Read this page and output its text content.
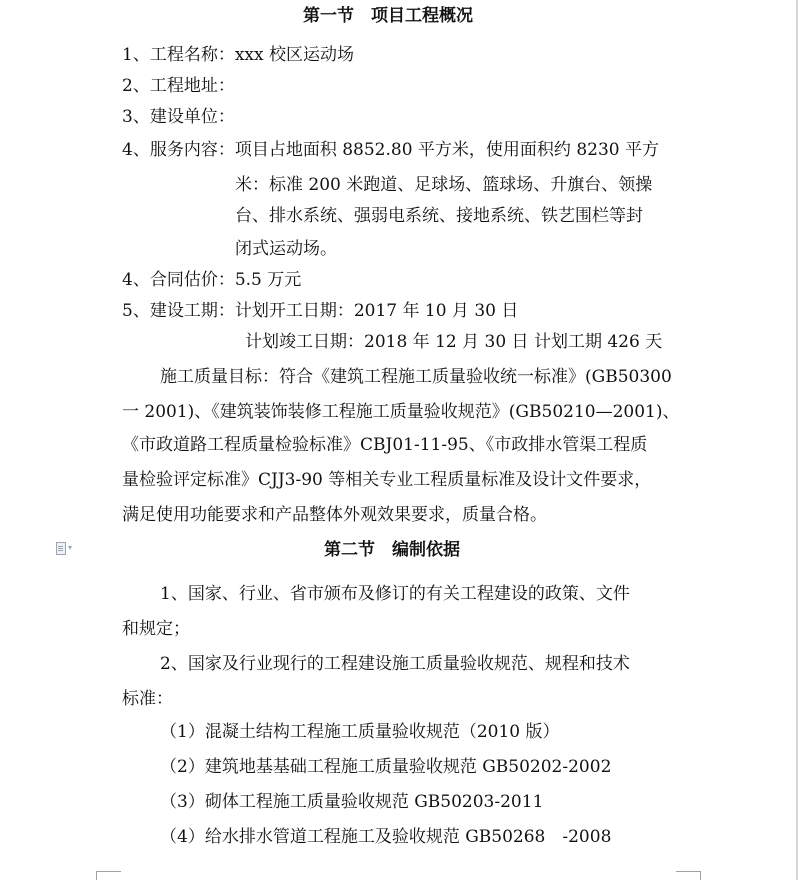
第一节　项目工程概况
1、工程名称：xxx 校区运动场
2、工程地址：
3、建设单位：
4、服务内容：项目占地面积 8852.80 平方米，使用面积约 8230 平方
米：标准 200 米跑道、足球场、篮球场、升旗台、领操
台、排水系统、强弱电系统、接地系统、铁艺围栏等封
闭式运动场。
4、合同估价：5.5 万元
5、建设工期：计划开工日期：2017 年 10 月 30 日
计划竣工日期：2018 年 12 月 30 日 计划工期 426 天
施工质量目标：符合《建筑工程施工质量验收统一标准》(GB50300
一 2001)、《建筑装饰装修工程施工质量验收规范》(GB50210—2001)、
《市政道路工程质量检验标准》CBJ01-11-95、《市政排水管渠工程质
量检验评定标准》CJJ3-90 等相关专业工程质量标准及设计文件要求，
满足使用功能要求和产品整体外观效果要求，质量合格。
▾	第二节　编制依据
1、国家、行业、省市颁布及修订的有关工程建设的政策、文件
和规定；
2、国家及行业现行的工程建设施工质量验收规范、规程和技术
标准：
（1）混凝土结构工程施工质量验收规范（2010 版）
（2）建筑地基基础工程施工质量验收规范 GB50202-2002
（3）砌体工程施工质量验收规范 GB50203-2011
（4）给水排水管道工程施工及验收规范 GB50268　-2008
